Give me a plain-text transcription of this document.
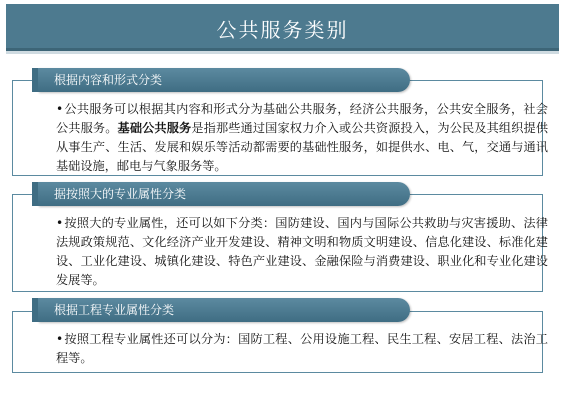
公共服务类别
根据内容和形式分类
•公共服务可以根据其内容和形式分为基础公共服务，经济公共服务，公共安全服务，社会公共服务。基础公共服务是指那些通过国家权力介入或公共资源投入，为公民及其组织提供从事生产、生活、发展和娱乐等活动都需要的基础性服务，如提供水、电、气，交通与通讯基础设施，邮电与气象服务等。
据按照大的专业属性分类
•按照大的专业属性，还可以如下分类：国防建设、国内与国际公共救助与灾害援助、法律法规政策规范、文化经济产业开发建设、精神文明和物质文明建设、信息化建设、标准化建设、工业化建设、城镇化建设、特色产业建设、金融保险与消费建设、职业化和专业化建设发展等。
根据工程专业属性分类
•按照工程专业属性还可以分为：国防工程、公用设施工程、民生工程、安居工程、法治工程等。
